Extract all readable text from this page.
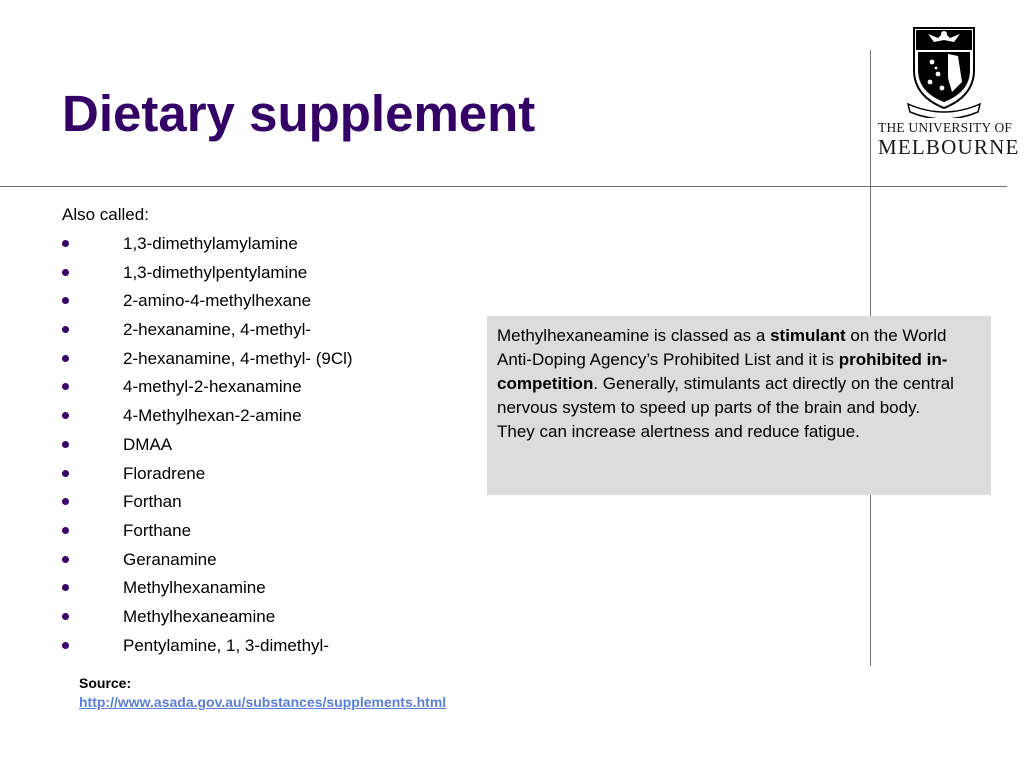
Dietary supplement	THE UNIVERSITY OF
MELBOURNE
Also called:
1,3-dimethylamylamine
1,3-dimethylpentylamine
2-amino-4-methylhexane
2-hexanamine, 4-methyl-
2-hexanamine, 4-methyl- (9Cl)
4-methyl-2-hexanamine
4-Methylhexan-2-amine
DMAA
Floradrene
Forthan
Forthane
Geranamine
Methylhexanamine
Methylhexaneamine
Pentylamine, 1, 3-dimethyl-
Methylhexaneamine is classed as a stimulant on the World Anti-Doping Agency’s Prohibited List and it is prohibited in-competition. Generally, stimulants act directly on the central nervous system to speed up parts of the brain and body.
They can increase alertness and reduce fatigue.
Source:
http://www.asada.gov.au/substances/supplements.html
